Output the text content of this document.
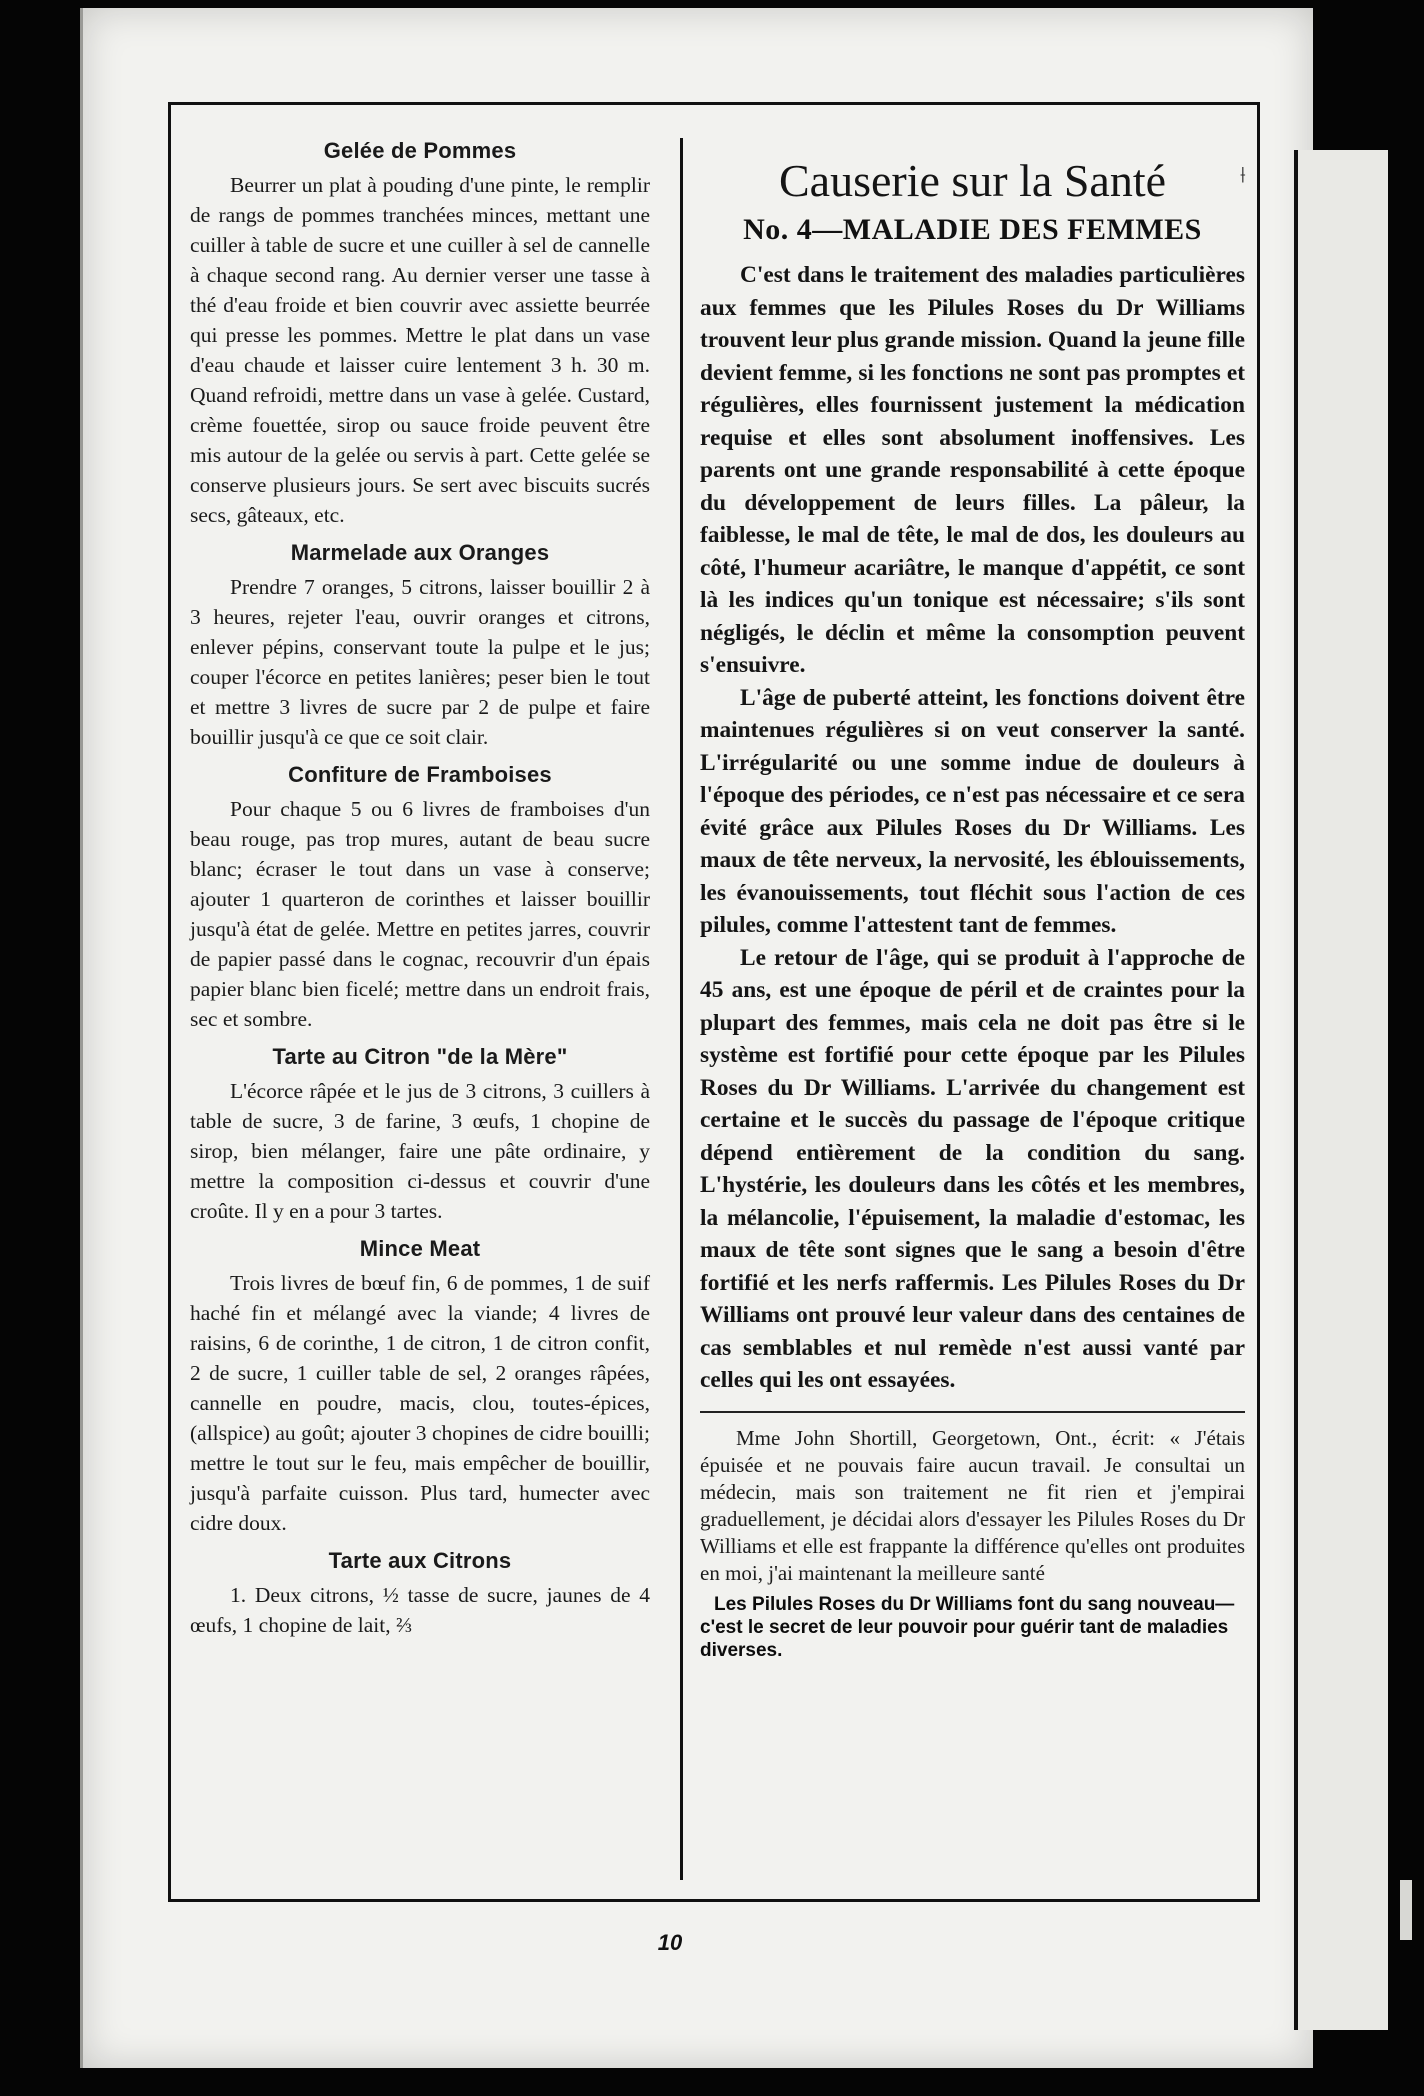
⟊
Gelée de Pommes

Beurrer un plat à pouding d'une pinte, le remplir de rangs de pommes tranchées minces, mettant une cuiller à table de sucre et une cuiller à sel de cannelle à chaque second rang. Au dernier verser une tasse à thé d'eau froide et bien couvrir avec assiette beurrée qui presse les pommes. Mettre le plat dans un vase d'eau chaude et laisser cuire lentement 3 h. 30 m. Quand refroidi, mettre dans un vase à gelée. Custard, crème fouettée, sirop ou sauce froide peuvent être mis autour de la gelée ou servis à part. Cette gelée se conserve plusieurs jours. Se sert avec biscuits sucrés secs, gâteaux, etc.

Marmelade aux Oranges

Prendre 7 oranges, 5 citrons, laisser bouillir 2 à 3 heures, rejeter l'eau, ouvrir oranges et citrons, enlever pépins, conservant toute la pulpe et le jus; couper l'écorce en petites lanières; peser bien le tout et mettre 3 livres de sucre par 2 de pulpe et faire bouillir jusqu'à ce que ce soit clair.

Confiture de Framboises

Pour chaque 5 ou 6 livres de framboises d'un beau rouge, pas trop mures, autant de beau sucre blanc; écraser le tout dans un vase à conserve; ajouter 1 quarteron de corinthes et laisser bouillir jusqu'à état de gelée. Mettre en petites jarres, couvrir de papier passé dans le cognac, recouvrir d'un épais papier blanc bien ficelé; mettre dans un endroit frais, sec et sombre.

Tarte au Citron "de la Mère"

L'écorce râpée et le jus de 3 citrons, 3 cuillers à table de sucre, 3 de farine, 3 œufs, 1 chopine de sirop, bien mélanger, faire une pâte ordinaire, y mettre la composition ci-dessus et couvrir d'une croûte. Il y en a pour 3 tartes.

Mince Meat

Trois livres de bœuf fin, 6 de pommes, 1 de suif haché fin et mélangé avec la viande; 4 livres de raisins, 6 de corinthe, 1 de citron, 1 de citron confit, 2 de sucre, 1 cuiller table de sel, 2 oranges râpées, cannelle en poudre, macis, clou, toutes-épices, (allspice) au goût; ajouter 3 chopines de cidre bouilli; mettre le tout sur le feu, mais empêcher de bouillir, jusqu'à parfaite cuisson. Plus tard, humecter avec cidre doux.

Tarte aux Citrons

1. Deux citrons, ½ tasse de sucre, jaunes de 4 œufs, 1 chopine de lait, ⅔

Causerie sur la Santé
No. 4—MALADIE DES FEMMES

C'est dans le traitement des maladies particulières aux femmes que les Pilules Roses du Dr Williams trouvent leur plus grande mission. Quand la jeune fille devient femme, si les fonctions ne sont pas promptes et régulières, elles fournissent justement la médication requise et elles sont absolument inoffensives. Les parents ont une grande responsabilité à cette époque du développement de leurs filles. La pâleur, la faiblesse, le mal de tête, le mal de dos, les douleurs au côté, l'humeur acariâtre, le manque d'appétit, ce sont là les indices qu'un tonique est nécessaire; s'ils sont négligés, le déclin et même la consomption peuvent s'ensuivre.

L'âge de puberté atteint, les fonctions doivent être maintenues régulières si on veut conserver la santé. L'irrégularité ou une somme indue de douleurs à l'époque des périodes, ce n'est pas nécessaire et ce sera évité grâce aux Pilules Roses du Dr Williams. Les maux de tête nerveux, la nervosité, les éblouissements, les évanouissements, tout fléchit sous l'action de ces pilules, comme l'attestent tant de femmes.

Le retour de l'âge, qui se produit à l'approche de 45 ans, est une époque de péril et de craintes pour la plupart des femmes, mais cela ne doit pas être si le système est fortifié pour cette époque par les Pilules Roses du Dr Williams. L'arrivée du changement est certaine et le succès du passage de l'époque critique dépend entièrement de la condition du sang. L'hystérie, les douleurs dans les côtés et les membres, la mélancolie, l'épuisement, la maladie d'estomac, les maux de tête sont signes que le sang a besoin d'être fortifié et les nerfs raffermis. Les Pilules Roses du Dr Williams ont prouvé leur valeur dans des centaines de cas semblables et nul remède n'est aussi vanté par celles qui les ont essayées.

Mme John Shortill, Georgetown, Ont., écrit: « J'étais épuisée et ne pouvais faire aucun travail. Je consultai un médecin, mais son traitement ne fit rien et j'empirai graduellement, je décidai alors d'essayer les Pilules Roses du Dr Williams et elle est frappante la différence qu'elles ont produites en moi, j'ai maintenant la meilleure santé

Les Pilules Roses du Dr Williams font du sang nouveau—c'est le secret de leur pouvoir pour guérir tant de maladies diverses.

10
